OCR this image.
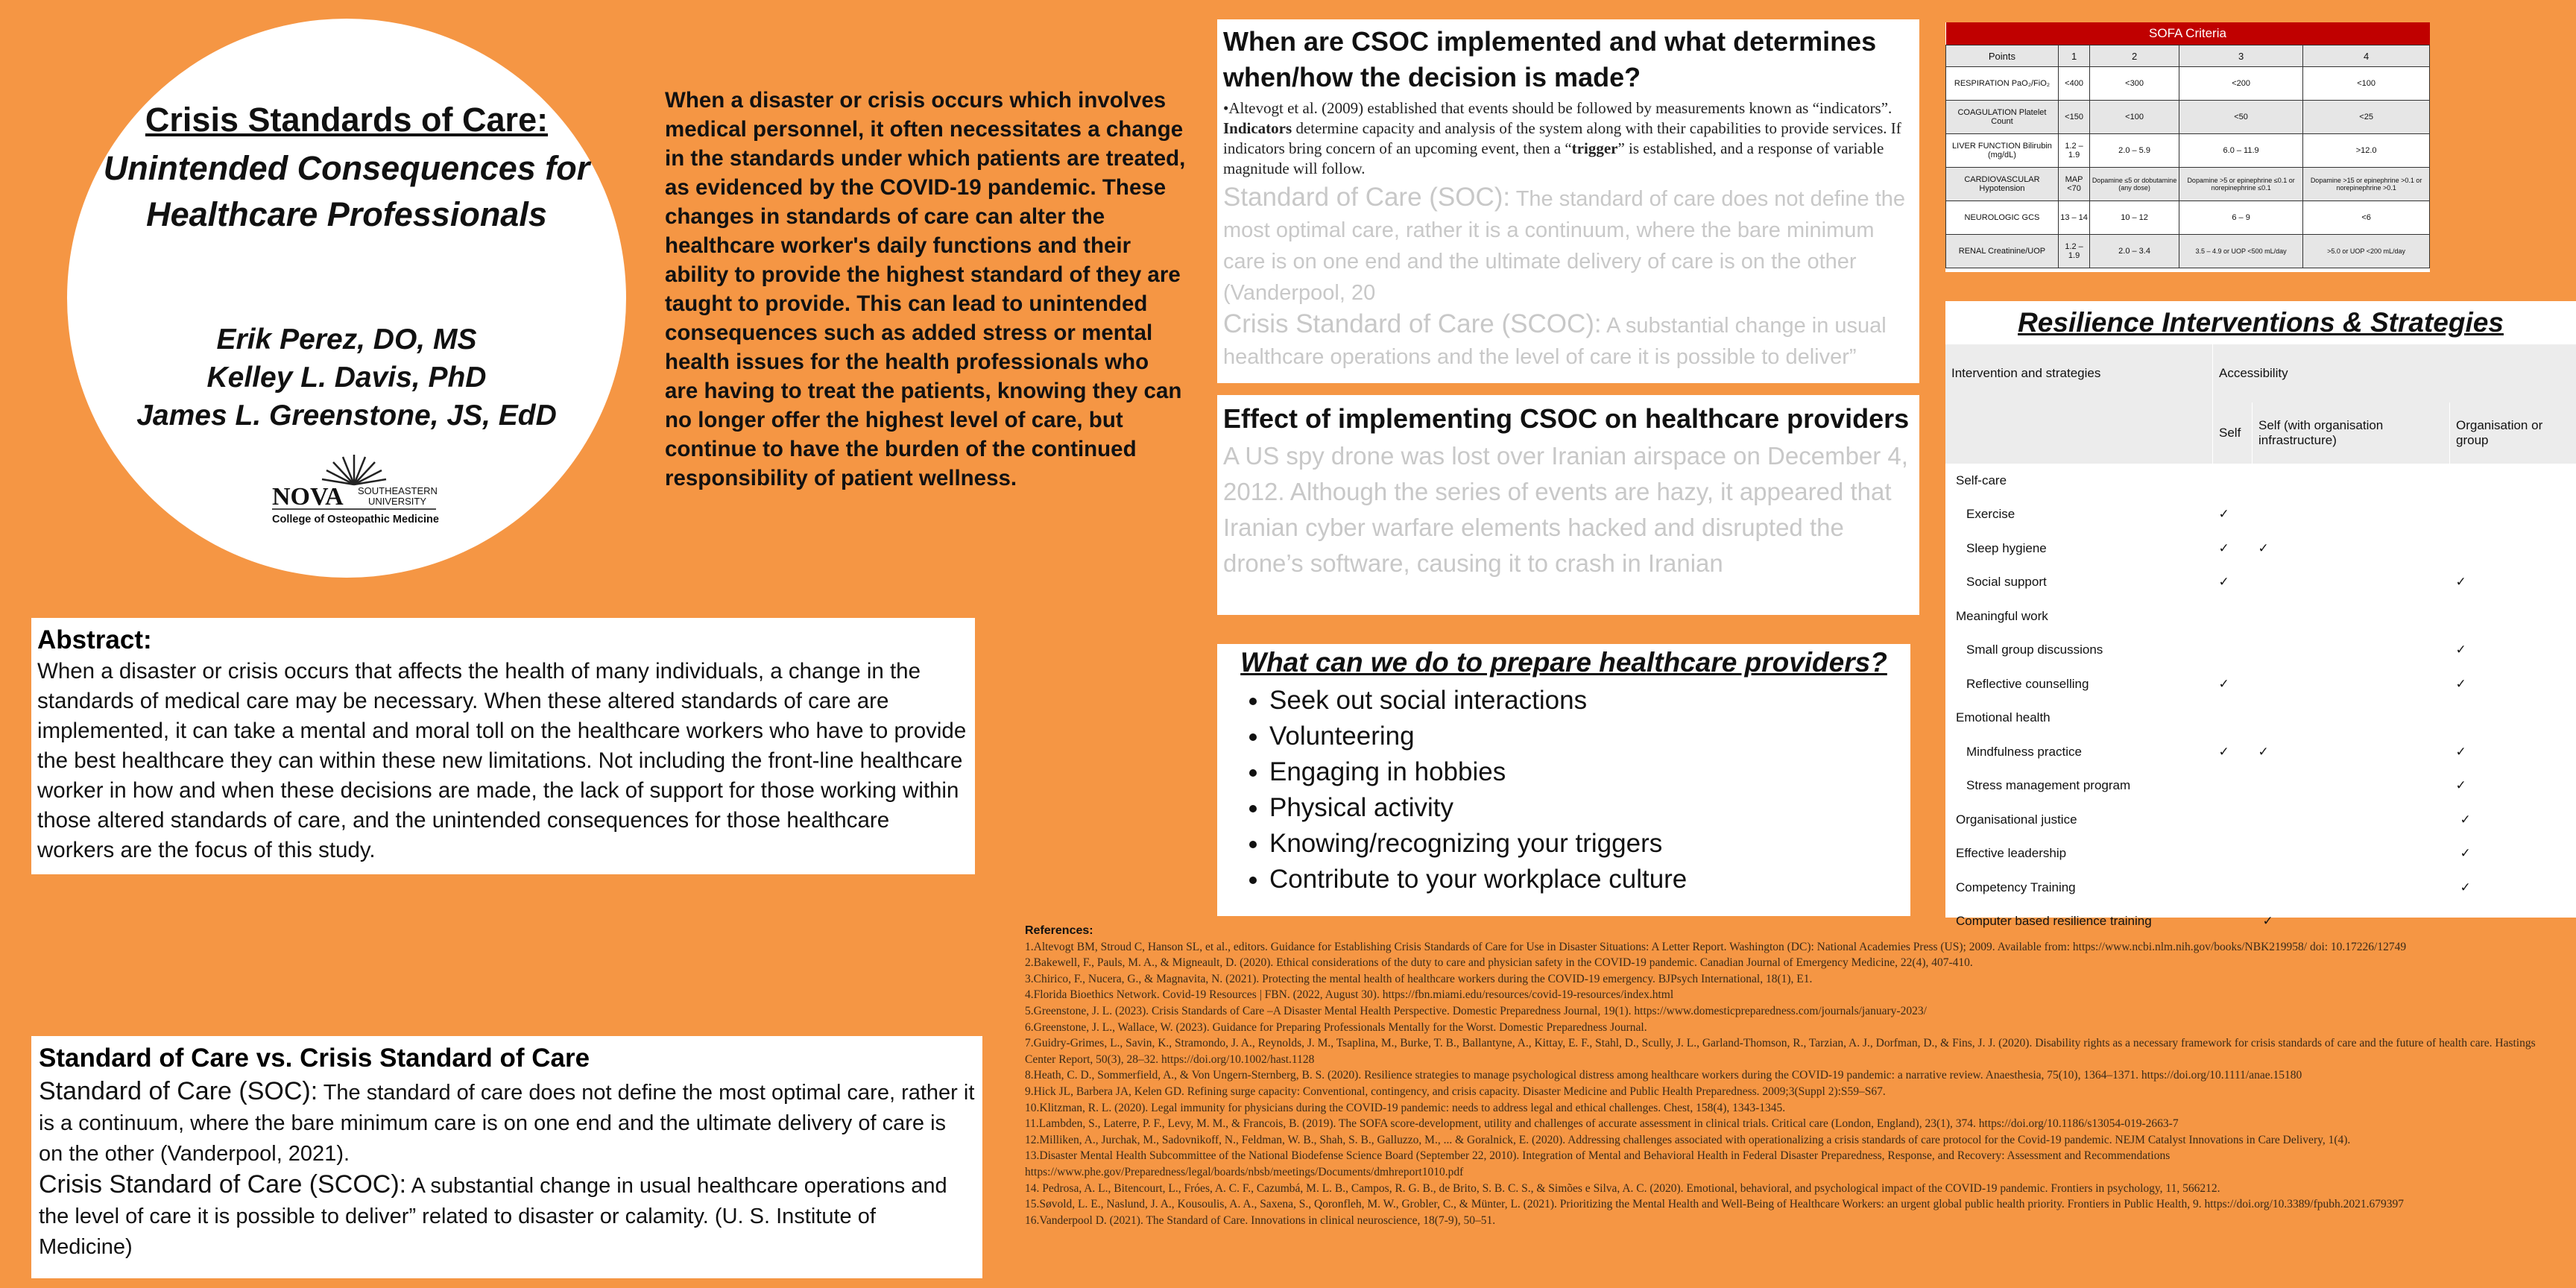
Crisis Standards of Care:
Unintended Consequences for Healthcare Professionals
Erik Perez, DO, MS
Kelley L. Davis, PhD
James L. Greenstone, JS, EdD
NOVA SOUTHEASTERN
UNIVERSITY
College of Osteopathic Medicine
When a disaster or crisis occurs which involves medical personnel, it often necessitates a change in the standards under which patients are treated, as evidenced by the COVID-19 pandemic. These changes in standards of care can alter the healthcare worker's daily functions and their ability to provide the highest standard of they are taught to provide. This can lead to unintended consequences such as added stress or mental health issues for the health professionals who are having to treat the patients, knowing they can no longer offer the highest level of care, but continue to have the burden of the continued responsibility of patient wellness.
Abstract:

When a disaster or crisis occurs that affects the health of many individuals, a change in the standards of medical care may be necessary. When these altered standards of care are implemented, it can take a mental and moral toll on the healthcare workers who have to provide the best healthcare they can within these new limitations. Not including the front-line healthcare worker in how and when these decisions are made, the lack of support for those working within those altered standards of care, and the unintended consequences for those healthcare workers are the focus of this study.

Standard of Care vs. Crisis Standard of Care

Standard of Care (SOC): The standard of care does not define the most optimal care, rather it is a continuum, where the bare minimum care is on one end and the ultimate delivery of care is on the other (Vanderpool, 2021).

Crisis Standard of Care (SCOC): A substantial change in usual healthcare operations and the level of care it is possible to deliver” related to disaster or calamity. (U. S. Institute of Medicine)

When are CSOC implemented and what determines when/how the decision is made?

•Altevogt et al. (2009) established that events should be followed by measurements known as “indicators”. Indicators determine capacity and analysis of the system along with their capabilities to provide services. If indicators bring concern of an upcoming event, then a “trigger” is established, and a response of variable magnitude will follow.

Standard of Care (SOC): The standard of care does not define the most optimal care, rather it is a continuum, where the bare minimum care is on one end and the ultimate delivery of care is on the other (Vanderpool, 20

Crisis Standard of Care (SCOC): A substantial change in usual healthcare operations and the level of care it is possible to deliver”

Effect of implementing CSOC on healthcare providers

A US spy drone was lost over Iranian airspace on December 4, 2012. Although the series of events are hazy, it appeared that Iranian cyber warfare elements hacked and disrupted the drone’s software, causing it to crash in Iranian

What can we do to prepare healthcare providers?
• Seek out social interactions
• Volunteering
• Engaging in hobbies
• Physical activity
• Knowing/recognizing your triggers
• Contribute to your workplace culture
SOFA Criteria				
Points	1	2	3	4
RESPIRATION PaO₂/FiO₂	<400	<300	<200	<100
COAGULATION Platelet Count	<150	<100	<50	<25
LIVER FUNCTION Bilirubin (mg/dL)	1.2 – 1.9	2.0 – 5.9	6.0 – 11.9	>12.0
CARDIOVASCULAR Hypotension	MAP <70	Dopamine ≤5 or dobutamine (any dose)	Dopamine >5 or epinephrine ≤0.1 or norepinephrine ≤0.1	Dopamine >15 or epinephrine >0.1 or norepinephrine >0.1
NEUROLOGIC GCS	13 – 14	10 – 12	6 – 9	<6
RENAL Creatinine/UOP	1.2 – 1.9	2.0 – 3.4	3.5 – 4.9 or UOP <500 mL/day	>5.0 or UOP <200 mL/day
Resilience Interventions & Strategies
Intervention and strategies	Accessibility		
	Self	Self (with organisation infrastructure)	Organisation or group
Self-care			
Exercise	✓		
Sleep hygiene	✓	✓	
Social support	✓		✓
Meaningful work			
Small group discussions			✓
Reflective counselling	✓		✓
Emotional health			
Mindfulness practice	✓	✓	✓
Stress management program			✓
Organisational justice			✓
Effective leadership			✓
Competency Training			✓
Computer based resilience training		✓	
References:
1.Altevogt BM, Stroud C, Hanson SL, et al., editors. Guidance for Establishing Crisis Standards of Care for Use in Disaster Situations: A Letter Report. Washington (DC): National Academies Press (US); 2009. Available from: https://www.ncbi.nlm.nih.gov/books/NBK219958/ doi: 10.17226/12749
2.Bakewell, F., Pauls, M. A., & Migneault, D. (2020). Ethical considerations of the duty to care and physician safety in the COVID-19 pandemic. Canadian Journal of Emergency Medicine, 22(4), 407-410.
3.Chirico, F., Nucera, G., & Magnavita, N. (2021). Protecting the mental health of healthcare workers during the COVID-19 emergency. BJPsych International, 18(1), E1.
4.Florida Bioethics Network. Covid-19 Resources | FBN. (2022, August 30). https://fbn.miami.edu/resources/covid-19-resources/index.html
5.Greenstone, J. L. (2023). Crisis Standards of Care –A Disaster Mental Health Perspective. Domestic Preparedness Journal, 19(1). https://www.domesticpreparedness.com/journals/january-2023/
6.Greenstone, J. L., Wallace, W. (2023). Guidance for Preparing Professionals Mentally for the Worst. Domestic Preparedness Journal.
7.Guidry-Grimes, L., Savin, K., Stramondo, J. A., Reynolds, J. M., Tsaplina, M., Burke, T. B., Ballantyne, A., Kittay, E. F., Stahl, D., Scully, J. L., Garland-Thomson, R., Tarzian, A. J., Dorfman, D., & Fins, J. J. (2020). Disability rights as a necessary framework for crisis standards of care and the future of health care. Hastings Center Report, 50(3), 28–32. https://doi.org/10.1002/hast.1128
8.Heath, C. D., Sommerfield, A., & Von Ungern-Sternberg, B. S. (2020). Resilience strategies to manage psychological distress among healthcare workers during the COVID-19 pandemic: a narrative review. Anaesthesia, 75(10), 1364–1371. https://doi.org/10.1111/anae.15180
9.Hick JL, Barbera JA, Kelen GD. Refining surge capacity: Conventional, contingency, and crisis capacity. Disaster Medicine and Public Health Preparedness. 2009;3(Suppl 2):S59–S67.
10.Klitzman, R. L. (2020). Legal immunity for physicians during the COVID-19 pandemic: needs to address legal and ethical challenges. Chest, 158(4), 1343-1345.
11.Lambden, S., Laterre, P. F., Levy, M. M., & Francois, B. (2019). The SOFA score-development, utility and challenges of accurate assessment in clinical trials. Critical care (London, England), 23(1), 374. https://doi.org/10.1186/s13054-019-2663-7
12.Milliken, A., Jurchak, M., Sadovnikoff, N., Feldman, W. B., Shah, S. B., Galluzzo, M., ... & Goralnick, E. (2020). Addressing challenges associated with operationalizing a crisis standards of care protocol for the Covid-19 pandemic. NEJM Catalyst Innovations in Care Delivery, 1(4).
13.Disaster Mental Health Subcommittee of the National Biodefense Science Board (September 22, 2010). Integration of Mental and Behavioral Health in Federal Disaster Preparedness, Response, and Recovery: Assessment and Recommendations https://www.phe.gov/Preparedness/legal/boards/nbsb/meetings/Documents/dmhreport1010.pdf
14. Pedrosa, A. L., Bitencourt, L., Fróes, A. C. F., Cazumbá, M. L. B., Campos, R. G. B., de Brito, S. B. C. S., & Simões e Silva, A. C. (2020). Emotional, behavioral, and psychological impact of the COVID-19 pandemic. Frontiers in psychology, 11, 566212.
15.Søvold, L. E., Naslund, J. A., Kousoulis, A. A., Saxena, S., Qoronfleh, M. W., Grobler, C., & Münter, L. (2021). Prioritizing the Mental Health and Well-Being of Healthcare Workers: an urgent global public health priority. Frontiers in Public Health, 9. https://doi.org/10.3389/fpubh.2021.679397
16.Vanderpool D. (2021). The Standard of Care. Innovations in clinical neuroscience, 18(7-9), 50–51.
